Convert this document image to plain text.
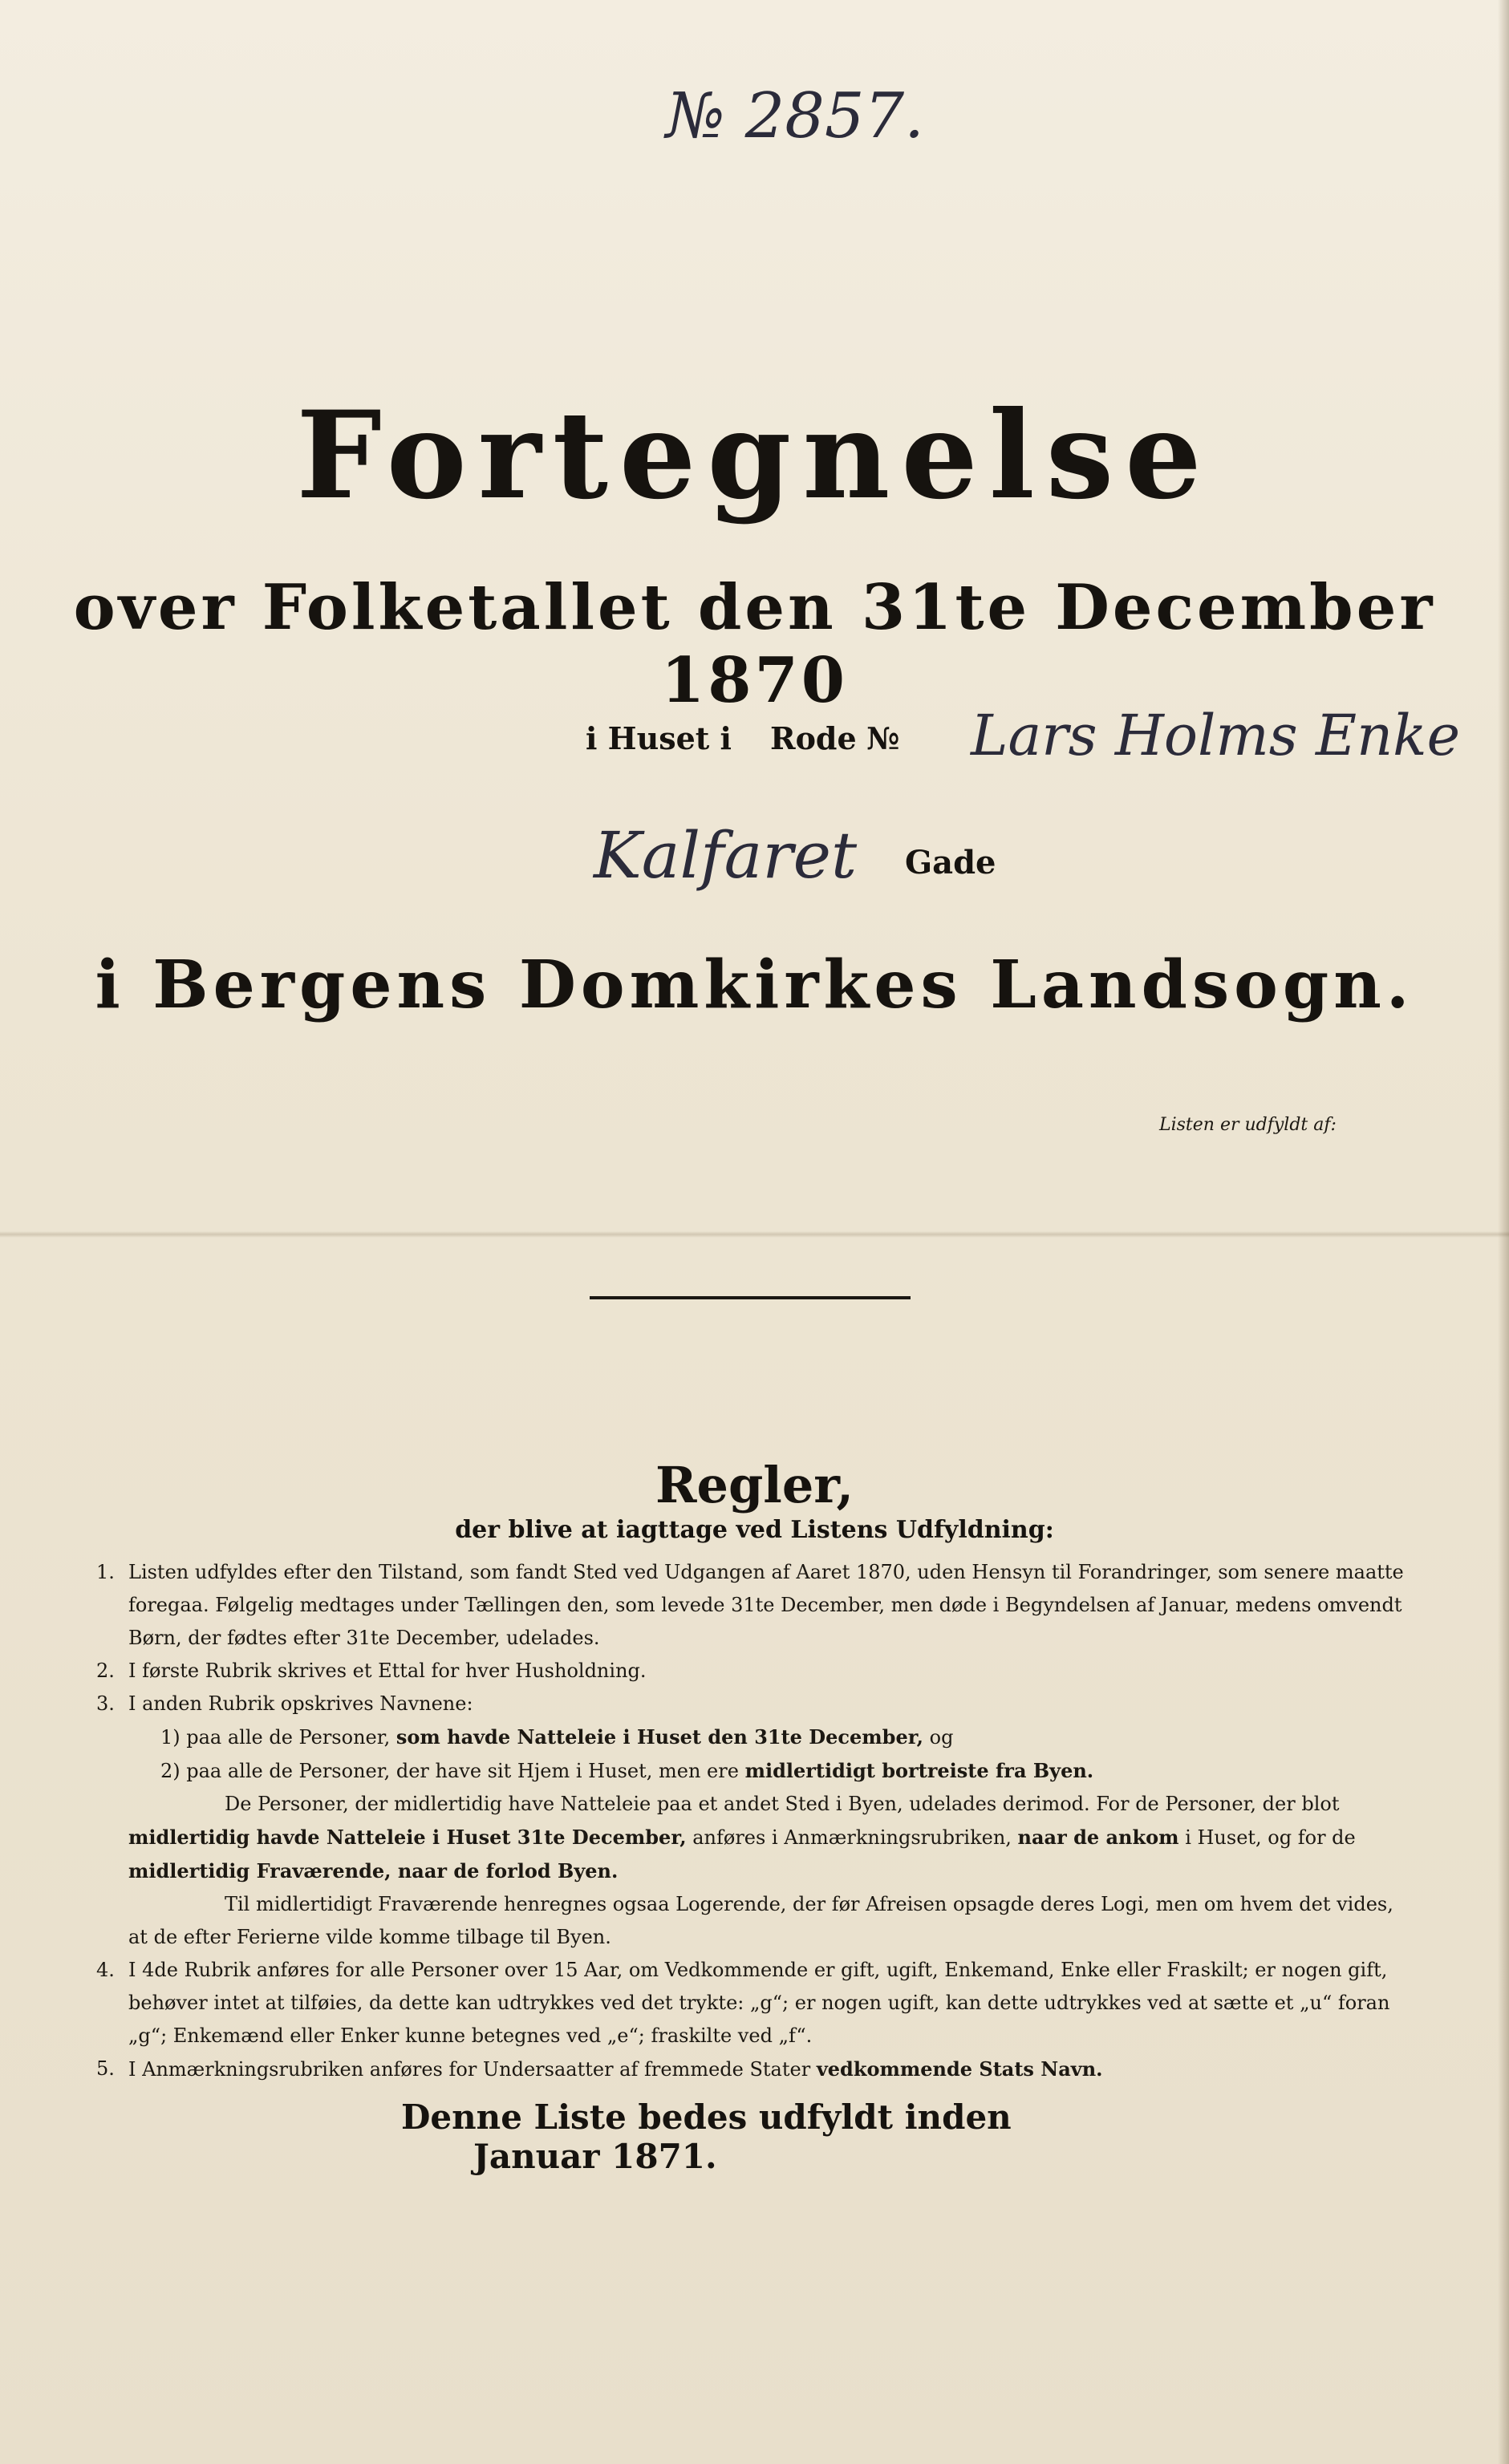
№ 2857.
Fortegnelse
over Folketallet den 31te December 1870
i Huset i Rode № Lars Holms Enke
Kalfaret Gade
i Bergens Domkirkes Landsogn.
Listen er udfyldt af:
Regler,
der blive at iagttage ved Listens Udfyldning:
1. Listen udfyldes efter den Tilstand, som fandt Sted ved Udgangen af Aaret 1870, uden Hensyn til Forandringer, som senere maatte foregaa. Følgelig medtages under Tællingen den, som levede 31te December, men døde i Begyndelsen af Januar, medens omvendt Børn, der fødtes efter 31te December, udelades.
2. I første Rubrik skrives et Ettal for hver Husholdning.
3. I anden Rubrik opskrives Navnene:
1) paa alle de Personer, som havde Natteleie i Huset den 31te December, og
2) paa alle de Personer, der have sit Hjem i Huset, men ere midlertidigt bortreiste fra Byen.
De Personer, der midlertidig have Natteleie paa et andet Sted i Byen, udelades derimod. For de Personer, der blot midlertidig havde Natteleie i Huset 31te December, anføres i Anmærkningsrubriken, naar de ankom i Huset, og for de midlertidig Fraværende, naar de forlod Byen.
Til midlertidigt Fraværende henregnes ogsaa Logerende, der før Afreisen opsagde deres Logi, men om hvem det vides, at de efter Ferierne vilde komme tilbage til Byen.
4. I 4de Rubrik anføres for alle Personer over 15 Aar, om Vedkommende er gift, ugift, Enkemand, Enke eller Fraskilt; er nogen gift, behøver intet at tilføies, da dette kan udtrykkes ved det trykte: „g“; er nogen ugift, kan dette udtrykkes ved at sætte et „u“ foran „g“; Enkemænd eller Enker kunne betegnes ved „e“; fraskilte ved „f“.
5. I Anmærkningsrubriken anføres for Undersaatter af fremmede Stater vedkommende Stats Navn.
Denne Liste bedes udfyldt inden Januar 1871.
